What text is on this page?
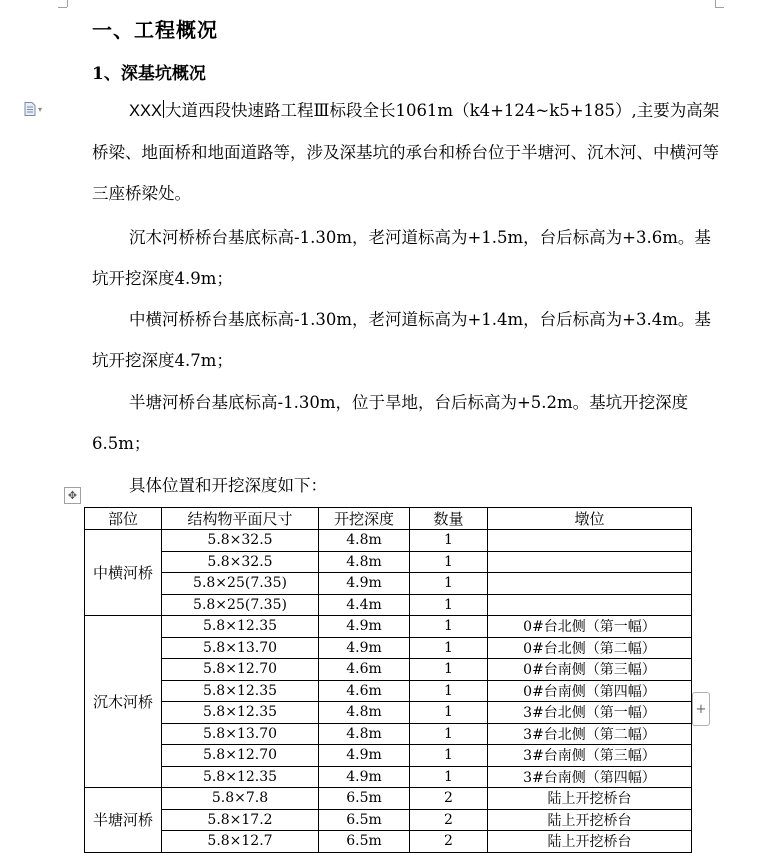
一、工程概况
1、深基坑概况
▾	XXX 大道西段快速路工程Ⅲ标段全长1061m（k4+124~k5+185）,主要为高架桥梁、地面桥和地面道路等，涉及深基坑的承台和桥台位于半塘河、沉木河、中横河等三座桥梁处。
沉木河桥桥台基底标高-1.30m，老河道标高为+1.5m，台后标高为+3.6m。基坑开挖深度4.9m；
中横河桥桥台基底标高-1.30m，老河道标高为+1.4m，台后标高为+3.4m。基坑开挖深度4.7m；
半塘河桥台基底标高-1.30m，位于旱地，台后标高为+5.2m。基坑开挖深度6.5m；
具体位置和开挖深度如下：
✥
部位	结构物平面尺寸	开挖深度	数量	墩位
中横河桥	5.8×32.5	4.8m	1	
	5.8×32.5	4.8m	1	
	5.8×25(7.35)	4.9m	1	
	5.8×25(7.35)	4.4m	1	
沉木河桥	5.8×12.35	4.9m	1	0#台北侧（第一幅）
	5.8×13.70	4.9m	1	0#台北侧（第二幅）
	5.8×12.70	4.6m	1	0#台南侧（第三幅）
	5.8×12.35	4.6m	1	0#台南侧（第四幅）
	5.8×12.35	4.8m	1	3#台北侧（第一幅）
	5.8×13.70	4.8m	1	3#台北侧（第二幅）
	5.8×12.70	4.9m	1	3#台南侧（第三幅）
	5.8×12.35	4.9m	1	3#台南侧（第四幅）
半塘河桥	5.8×7.8	6.5m	2	陆上开挖桥台
	5.8×17.2	6.5m	2	陆上开挖桥台
	5.8×12.7	6.5m	2	陆上开挖桥台
+
